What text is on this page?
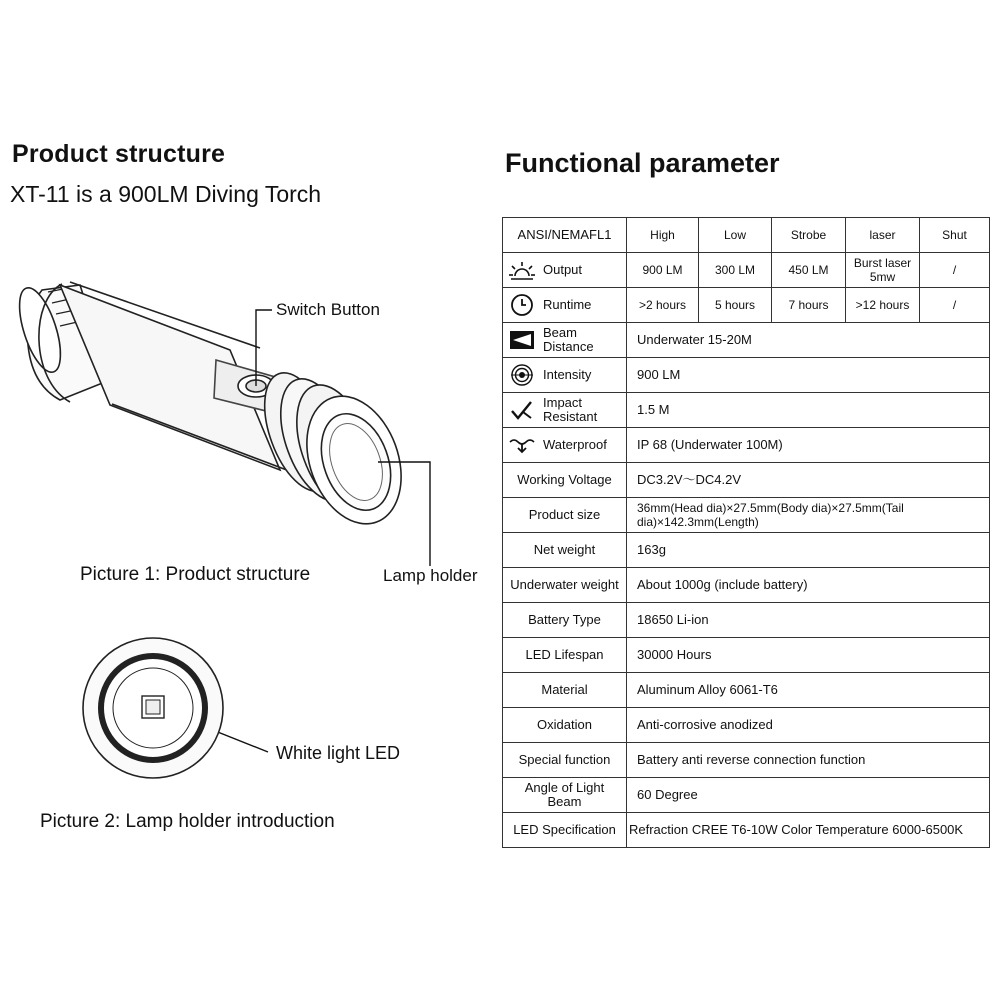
Product structure
XT-11 is a 900LM Diving Torch
Functional parameter
Switch Button
Lamp holder
Picture 1: Product structure
White light LED
Picture 2: Lamp holder introduction
ANSI/NEMAFL1	High	Low	Strobe	laser	Shut

Output	900 LM	300 LM	450 LM	Burst laser 5mw	/

Runtime	>2 hours	5 hours	7 hours	>12 hours	/

Beam
Distance	Underwater 15-20M				

Intensity	900 LM				

Impact
Resistant	1.5 M				

Waterproof	IP 68 (Underwater 100M)				
Working Voltage	DC3.2V～DC4.2V				
Product size	36mm(Head dia)×27.5mm(Body dia)×27.5mm(Tail dia)×142.3mm(Length)				
Net weight	163g				
Underwater weight	About 1000g (include battery)				
Battery Type	18650 Li-ion				
LED Lifespan	30000 Hours				
Material	Aluminum Alloy 6061-T6				
Oxidation	Anti-corrosive anodized				
Special function	Battery anti reverse connection function				
Angle of Light Beam	60 Degree				
LED Specification	Refraction CREE T6-10W Color Temperature 6000-6500K				
